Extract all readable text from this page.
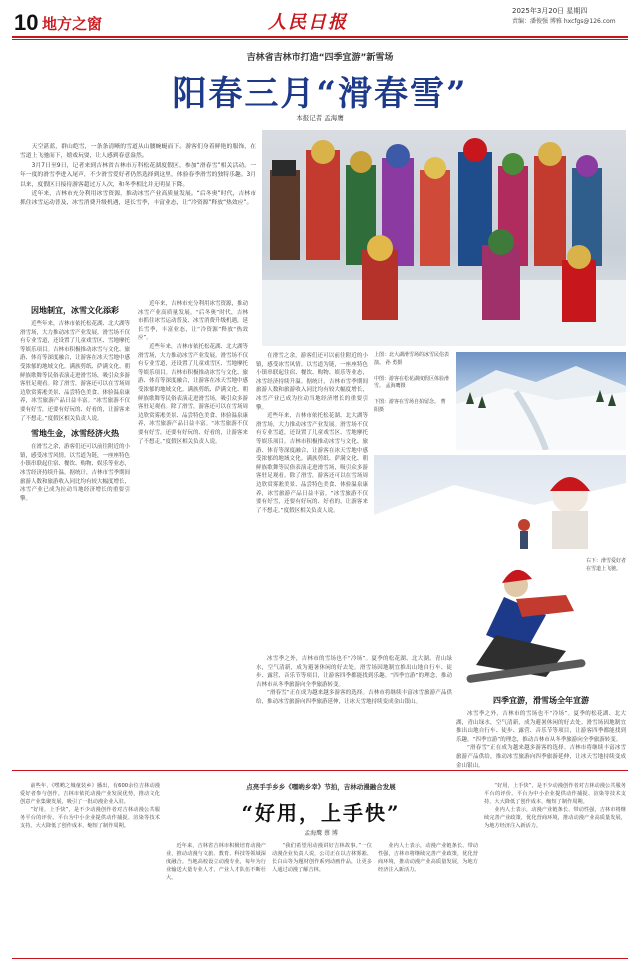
10 地方之窗	人民日报
2025年3月20日 星期四
责编：潘俊强 博雅 hxcfgs@126.com
吉林省吉林市打造“四季宜游”新雪场
阳春三月“滑春雪”
本报记者 孟海鹰

天空湛蓝，群山皑雪，一条条清晰的雪道从山腰蜿蜒而下。游客们身着鲜艳的服饰，在雪道上飞驰而下，嬉戏玩耍，让人感到春意盎然。

3月7日至9日，记者来到吉林省吉林市万科松花湖度假区，参加“滑春雪”相关活动。一年一度的滑雪季进入尾声，不少滑雪爱好者仍然选择到这里，体验春季滑雪的独特乐趣。3月以来，度假区日接待游客超过万人次，和冬季相比并无明显下降。

近年来，吉林市充分利用冰雪资源，推动冰雪产业高质量发展。“后冬奥”时代，吉林市抓住冰雪运动普及、冰雪消费升级机遇，延长雪季，丰富业态，让“冷资源”释放“热效应”。

因地制宜，冰雪文化添彩

近些年来，吉林市依托松花湖、北大湖等滑雪场，大力推动冰雪产业发展。滑雪场不仅有专业雪道，还设置了儿童戏雪区、雪地摩托等娱乐项目。吉林市积极推动冰雪与文化、旅游、体育等深度融合，让游客在冰天雪地中感受浓郁的地域文化。满族剪纸、萨满文化、朝鲜族歌舞等民俗表演走进滑雪场，吸引众多游客驻足观看。除了滑雪，游客还可以在雪场周边欣赏雾凇美景、品尝特色美食、体验温泉康养，冰雪旅游产品日益丰富。“冰雪旅游不仅要有好雪，还要有好玩的、好看的，让游客来了不想走。”度假区相关负责人说。

雪地生金，冰雪经济火热

在滑雪之余，游客们还可以前往附近的小镇，感受冰雪风情。以雪道为链，一座座特色小镇串联起住宿、餐饮、购物、娱乐等业态，冰雪经济持续升温。据统计，吉林市雪季期间旅游人数和旅游收入同比均有较大幅度增长，冰雪产业已成为拉动当地经济增长的重要引擎。

近年来，吉林市充分利用冰雪资源，推动冰雪产业高质量发展。“后冬奥”时代，吉林市抓住冰雪运动普及、冰雪消费升级机遇，延长雪季，丰富业态，让“冷资源”释放“热效应”。

近些年来，吉林市依托松花湖、北大湖等滑雪场，大力推动冰雪产业发展。滑雪场不仅有专业雪道，还设置了儿童戏雪区、雪地摩托等娱乐项目。吉林市积极推动冰雪与文化、旅游、体育等深度融合，让游客在冰天雪地中感受浓郁的地域文化。满族剪纸、萨满文化、朝鲜族歌舞等民俗表演走进滑雪场，吸引众多游客驻足观看。除了滑雪，游客还可以在雪场周边欣赏雾凇美景、品尝特色美食、体验温泉康养，冰雪旅游产品日益丰富。“冰雪旅游不仅要有好雪，还要有好玩的、好看的，让游客来了不想走。”度假区相关负责人说。

在滑雪之余，游客们还可以前往附近的小镇，感受冰雪风情。以雪道为链，一座座特色小镇串联起住宿、餐饮、购物、娱乐等业态，冰雪经济持续升温。据统计，吉林市雪季期间旅游人数和旅游收入同比均有较大幅度增长，冰雪产业已成为拉动当地经济增长的重要引擎。

近些年来，吉林市依托松花湖、北大湖等滑雪场，大力推动冰雪产业发展。滑雪场不仅有专业雪道，还设置了儿童戏雪区、雪地摩托等娱乐项目。吉林市积极推动冰雪与文化、旅游、体育等深度融合，让游客在冰天雪地中感受浓郁的地域文化。满族剪纸、萨满文化、朝鲜族歌舞等民俗表演走进滑雪场，吸引众多游客驻足观看。除了滑雪，游客还可以在雪场周边欣赏雾凇美景、品尝特色美食、体验温泉康养，冰雪旅游产品日益丰富。“冰雪旅游不仅要有好雪，还要有好玩的、好看的，让游客来了不想走。”度假区相关负责人说。

上图：北大湖滑雪场的冰雪民俗表演。 孙 勇摄
中图：游客在松花湖度假区体验滑雪。 孟海鹰摄
下图：游客在雪场自拍留念。 曹 阳摄
右下：滑雪爱好者在雪道上飞驰。
四季宜游，滑雪场全年宣游

冰雪季之外，吉林市的雪场也不“冷场”。夏季的松花湖、北大湖，青山绿水，空气清新，成为避暑休闲的好去处。滑雪场因地制宜推出山地自行车、徒步、露营、音乐节等项目，让游客四季都能找到乐趣。“四季宜游”的理念，推动吉林市从冬季旅游向全季旅游转变。

“滑春雪”正在成为越来越多游客的选择。吉林市将继续丰富冰雪旅游产品供给，推动冰雪旅游向四季旅游延伸，让冰天雪地持续变成金山银山。

冰雪季之外，吉林市的雪场也不“冷场”。夏季的松花湖、北大湖，青山绿水，空气清新，成为避暑休闲的好去处。滑雪场因地制宜推出山地自行车、徒步、露营、音乐节等项目，让游客四季都能找到乐趣。“四季宜游”的理念，推动吉林市从冬季旅游向全季旅游转变。

“滑春雪”正在成为越来越多游客的选择。吉林市将继续丰富冰雪旅游产品供给，推动冰雪旅游向四季旅游延伸，让冰天雪地持续变成金山银山。

点亮手手乡乡《嘿哟乡幸》节拍，吉林动漫融合发展
“好用，上手快”
孟海鹰 蔡 博

前些年，《嘿哟之城童装乡》播出，有600余位吉林动漫爱好者参与创作。吉林市依托动漫产业发展优势，推动文化创意产业集聚发展，吸引了一批动漫企业入驻。

“好用，上手快”，是不少动漫创作者对吉林动漫公共服务平台的评价。平台为中小企业提供动作捕捉、渲染等技术支持，大大降低了创作成本，缩短了制作周期。

近年来，吉林省吉林市积极培育动漫产业，推动动漫与文旅、教育、科技等领域深度融合。当地高校设立动漫专业，每年为行业输送大量专业人才，产业人才队伍不断壮大。

“我们希望用动漫讲好吉林故事。”一位动漫企业负责人说，公司正在以吉林雾凇、长白山等为题材创作系列动画作品，让更多人通过动漫了解吉林。

业内人士表示，动漫产业链条长、带动性强，吉林市将继续完善产业政策，优化营商环境，推动动漫产业高质量发展，为地方经济注入新活力。

“好用，上手快”，是不少动漫创作者对吉林动漫公共服务平台的评价。平台为中小企业提供动作捕捉、渲染等技术支持，大大降低了创作成本，缩短了制作周期。

业内人士表示，动漫产业链条长、带动性强，吉林市将继续完善产业政策，优化营商环境，推动动漫产业高质量发展，为地方经济注入新活力。
